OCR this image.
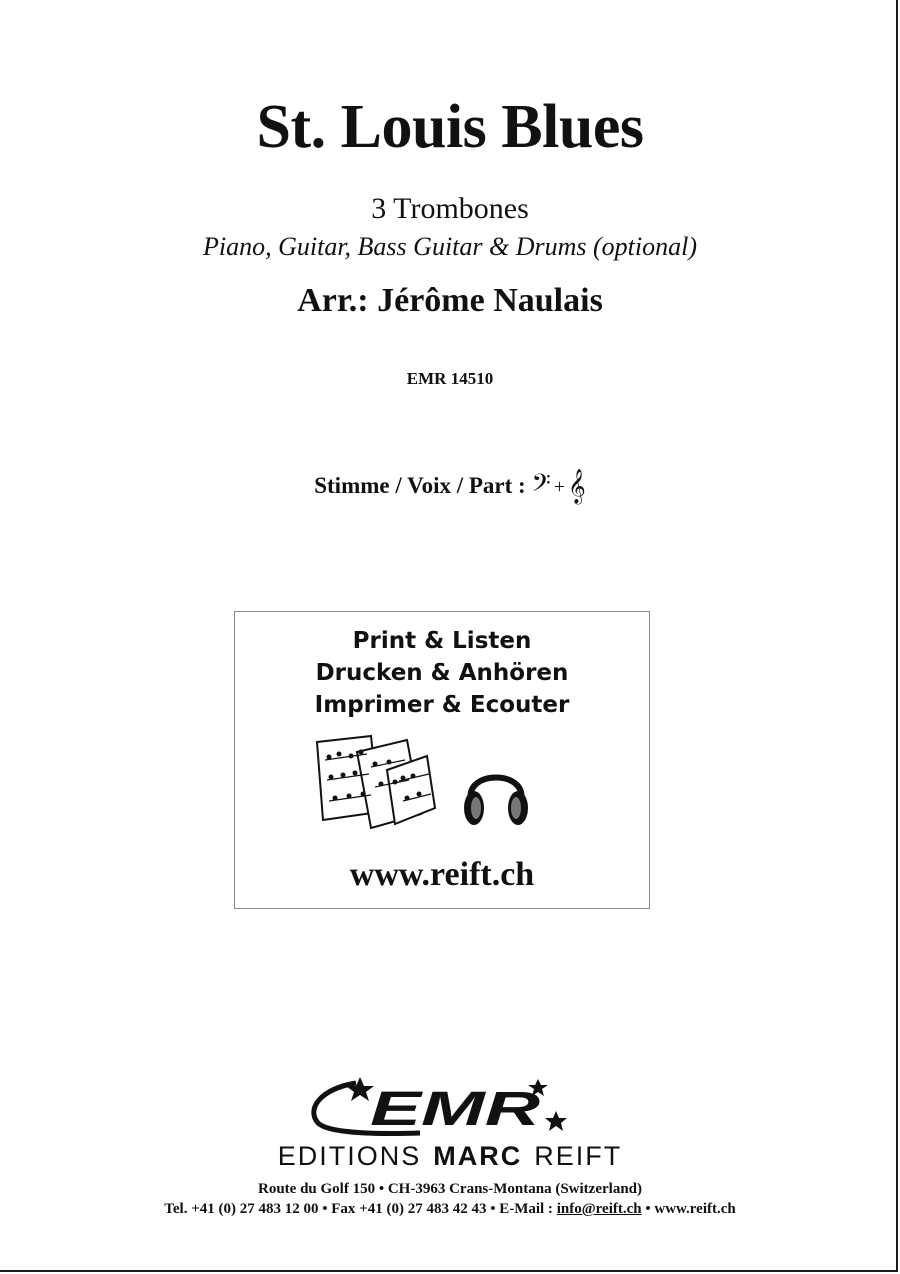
St. Louis Blues
3 Trombones
Piano, Guitar, Bass Guitar & Drums (optional)
Arr.: Jérôme Naulais
EMR 14510
Stimme / Voix / Part : 𝄢 + 𝄞
Print & Listen
Drucken & Anhören
Imprimer & Ecouter
www.reift.ch
EMR
EDITIONS MARC REIFT
Route du Golf 150 • CH-3963 Crans-Montana (Switzerland)
Tel. +41 (0) 27 483 12 00 • Fax +41 (0) 27 483 42 43 • E-Mail : info@reift.ch • www.reift.ch
